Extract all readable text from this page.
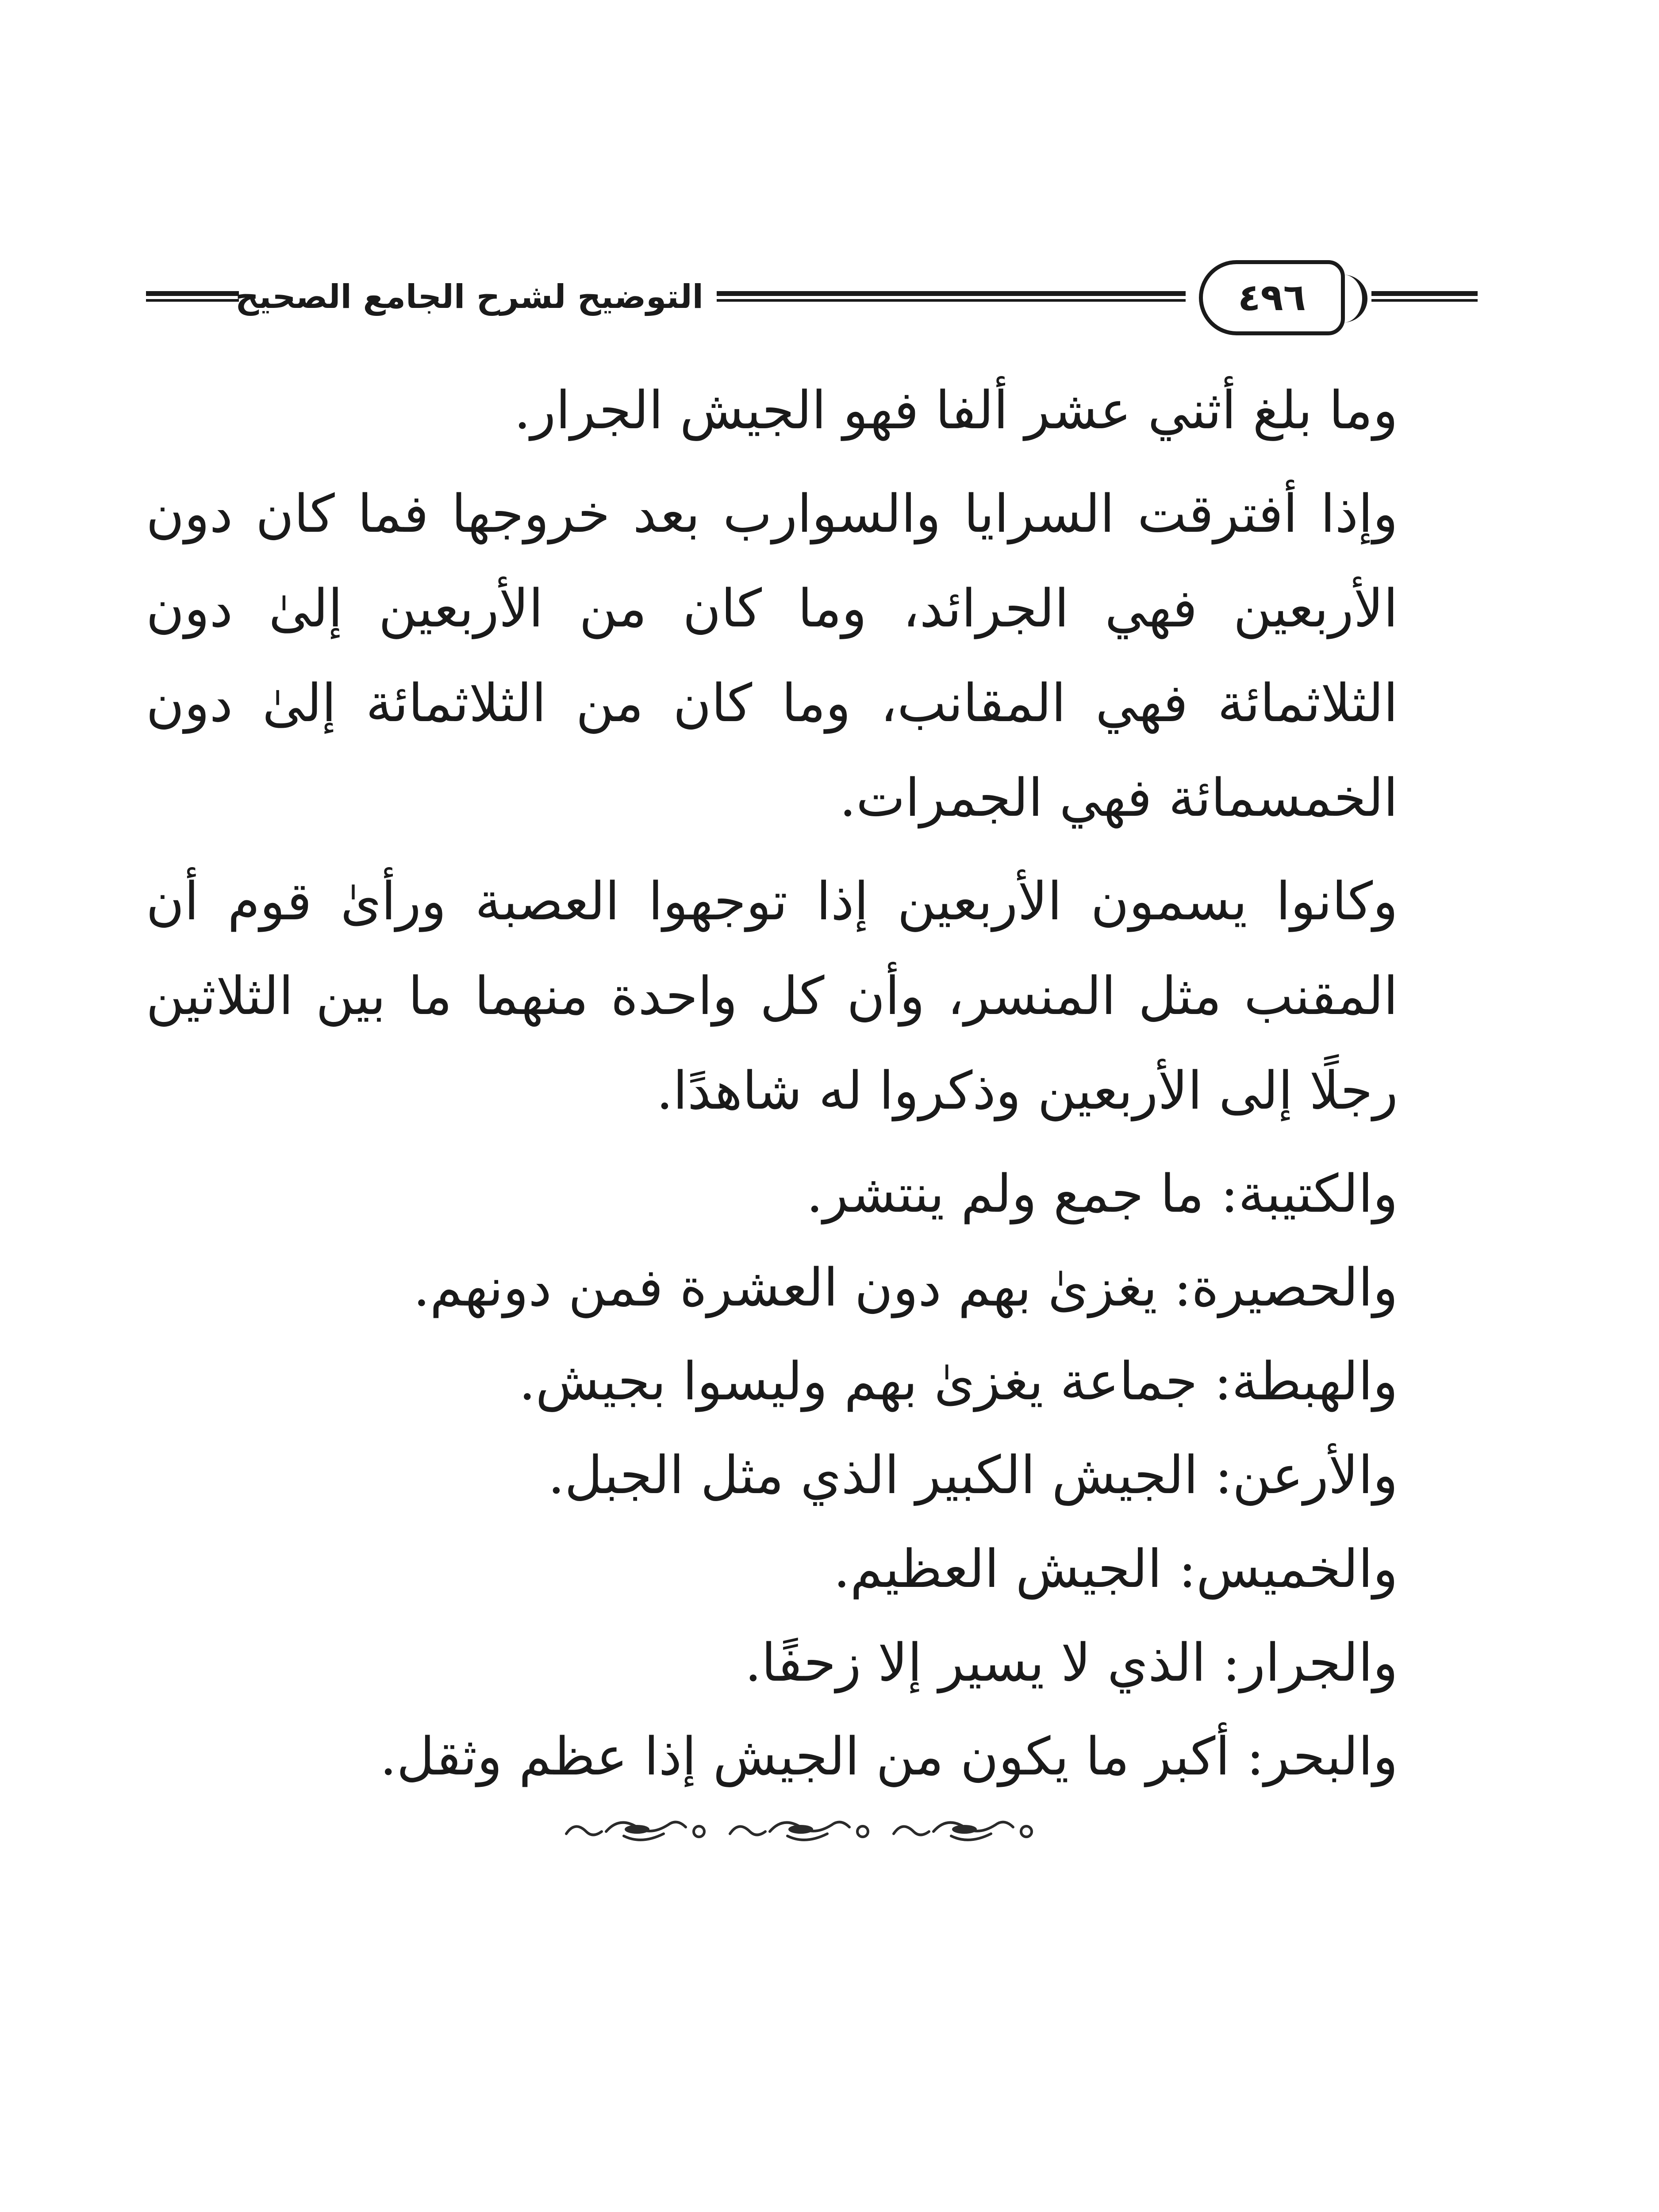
التوضيح لشرح الجامع الصحيح	٤٩٦

وما بلغ أثني عشر ألفا فهو الجيش الجرار.

وإذا أفترقت السرايا والسوارب بعد خروجها فما كان دون الأربعين فهي الجرائد، وما كان من الأربعين إلىٰ دون الثلاثمائة فهي المقانب، وما كان من الثلاثمائة إلىٰ دون الخمسمائة فهي الجمرات.

وكانوا يسمون الأربعين إذا توجهوا العصبة ورأىٰ قوم أن المقنب مثل المنسر، وأن كل واحدة منهما ما بين الثلاثين رجلًا إلى الأربعين وذكروا له شاهدًا.

والكتيبة: ما جمع ولم ينتشر.
والحصيرة: يغزىٰ بهم دون العشرة فمن دونهم.
والهبطة: جماعة يغزىٰ بهم وليسوا بجيش.
والأرعن: الجيش الكبير الذي مثل الجبل.
والخميس: الجيش العظيم.
والجرار: الذي لا يسير إلا زحفًا.
والبحر: أكبر ما يكون من الجيش إذا عظم وثقل.
